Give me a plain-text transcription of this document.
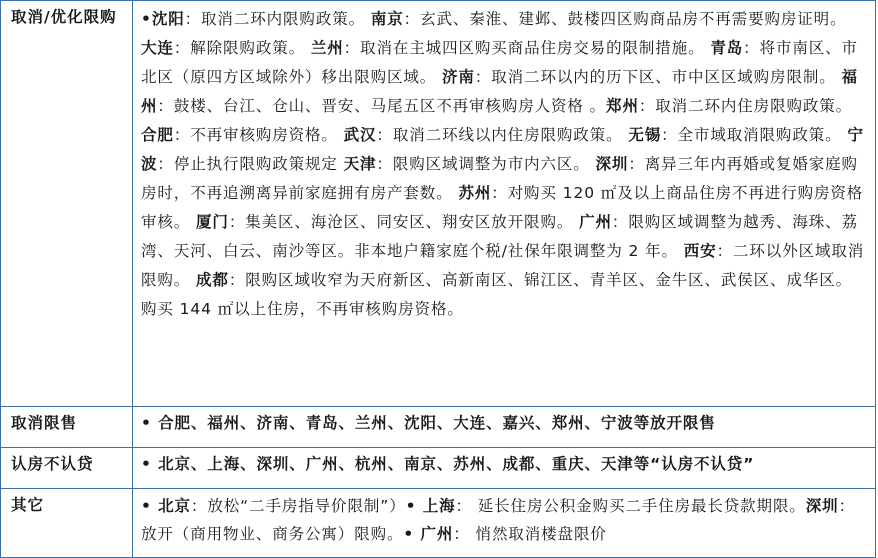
取消/优化限购	•沈阳：取消二环内限购政策。 南京：玄武、秦淮、建邺、鼓楼四区购商品房不再需要购房证明。 大连：解除限购政策。 兰州：取消在主城四区购买商品住房交易的限制措施。 青岛：将市南区、市北区（原四方区域除外）移出限购区域。 济南：取消二环以内的历下区、市中区区域购房限制。 福州：鼓楼、台江、仓山、晋安、马尾五区不再审核购房人资格 。郑州：取消二环内住房限购政策。 合肥：不再审核购房资格。 武汉：取消二环线以内住房限购政策。 无锡：全市域取消限购政策。 宁波：停止执行限购政策规定 天津：限购区域调整为市内六区。 深圳：离异三年内再婚或复婚家庭购房时，不再追溯离异前家庭拥有房产套数。 苏州：对购买 120 ㎡及以上商品住房不再进行购房资格审核。 厦门：集美区、海沧区、同安区、翔安区放开限购。 广州：限购区域调整为越秀、海珠、荔湾、天河、白云、南沙等区。非本地户籍家庭个税/社保年限调整为 2 年。 西安：二环以外区域取消限购。 成都：限购区域收窄为天府新区、高新南区、锦江区、青羊区、金牛区、武侯区、成华区。购买 144 ㎡以上住房，不再审核购房资格。
取消限售	• 合肥、福州、济南、青岛、兰州、沈阳、大连、嘉兴、郑州、宁波等放开限售
认房不认贷	• 北京、上海、深圳、广州、杭州、南京、苏州、成都、重庆、天津等“认房不认贷”
其它	• 北京：放松“二手房指导价限制”）• 上海： 延长住房公积金购买二手住房最长贷款期限。深圳： 放开（商用物业、商务公寓）限购。• 广州： 悄然取消楼盘限价
